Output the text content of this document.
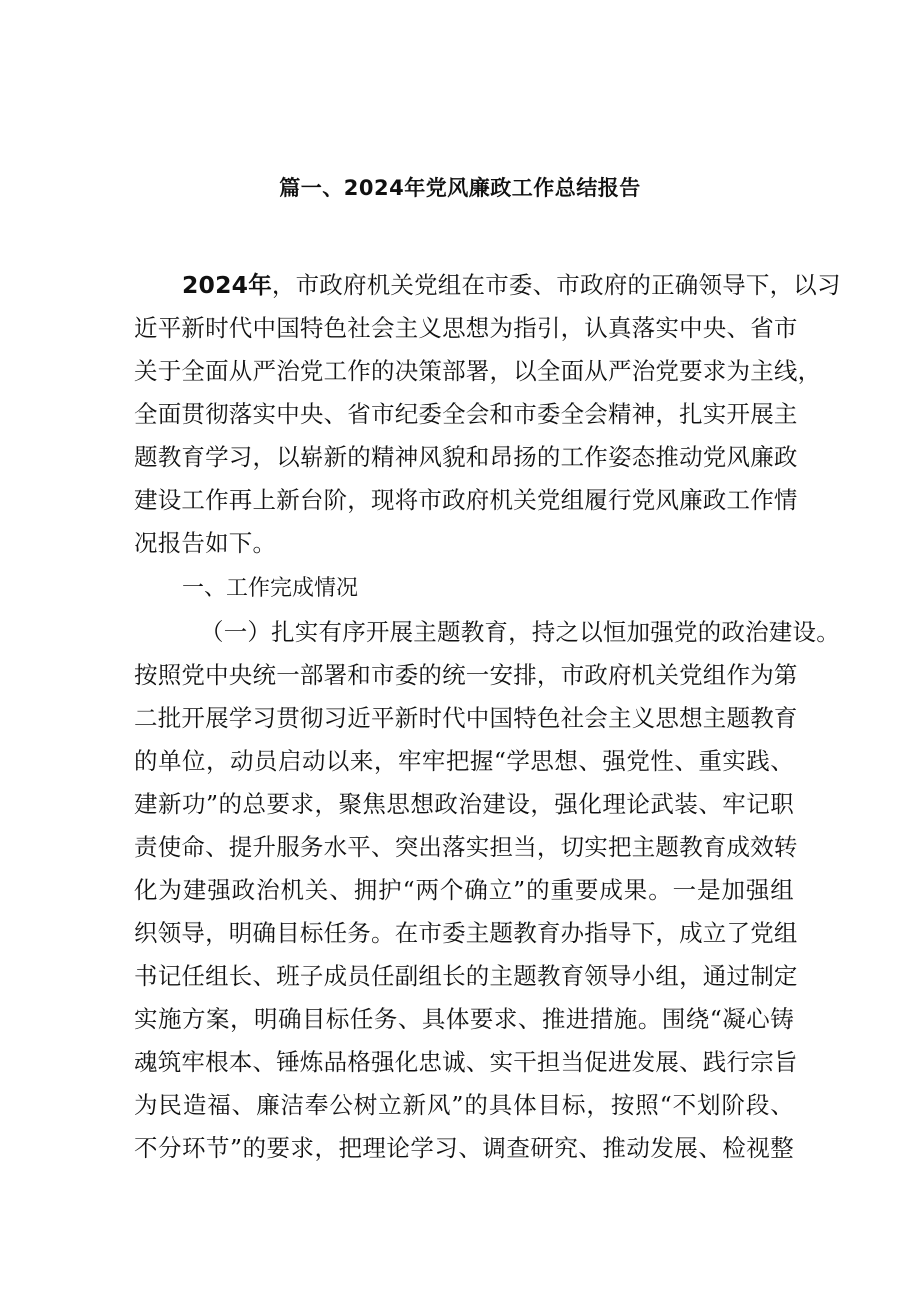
篇一、2024年党风廉政工作总结报告
2024年，市政府机关党组在市委、市政府的正确领导下，以习
近平新时代中国特色社会主义思想为指引，认真落实中央、省市
关于全面从严治党工作的决策部署，以全面从严治党要求为主线，
全面贯彻落实中央、省市纪委全会和市委全会精神，扎实开展主
题教育学习，以崭新的精神风貌和昂扬的工作姿态推动党风廉政
建设工作再上新台阶，现将市政府机关党组履行党风廉政工作情
况报告如下。
一、工作完成情况
（一）扎实有序开展主题教育，持之以恒加强党的政治建设。
按照党中央统一部署和市委的统一安排，市政府机关党组作为第
二批开展学习贯彻习近平新时代中国特色社会主义思想主题教育
的单位，动员启动以来，牢牢把握“学思想、强党性、重实践、
建新功”的总要求，聚焦思想政治建设，强化理论武装、牢记职
责使命、提升服务水平、突出落实担当，切实把主题教育成效转
化为建强政治机关、拥护“两个确立”的重要成果。一是加强组
织领导，明确目标任务。在市委主题教育办指导下，成立了党组
书记任组长、班子成员任副组长的主题教育领导小组，通过制定
实施方案，明确目标任务、具体要求、推进措施。围绕“凝心铸
魂筑牢根本、锤炼品格强化忠诚、实干担当促进发展、践行宗旨
为民造福、廉洁奉公树立新风”的具体目标，按照“不划阶段、
不分环节”的要求，把理论学习、调查研究、推动发展、检视整
